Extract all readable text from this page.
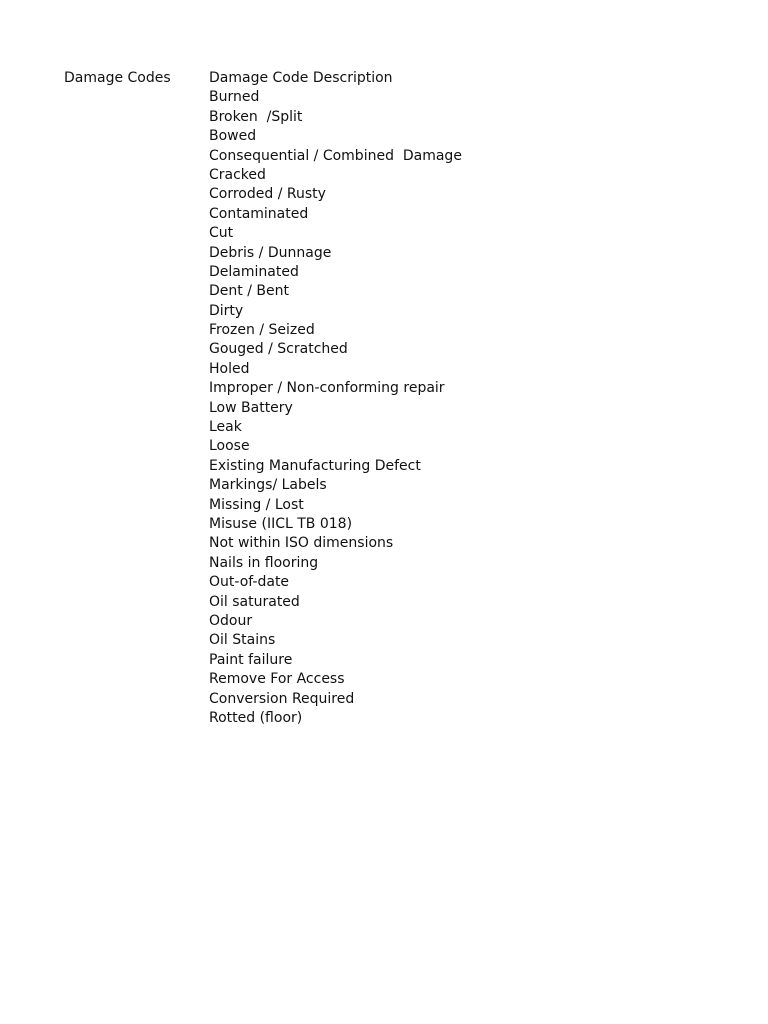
Damage Codes	Damage Code Description
Burned
Broken  /Split
Bowed
Consequential / Combined  Damage
Cracked
Corroded / Rusty
Contaminated
Cut
Debris / Dunnage
Delaminated
Dent / Bent
Dirty
Frozen / Seized
Gouged / Scratched
Holed
Improper / Non-conforming repair
Low Battery
Leak
Loose
Existing Manufacturing Defect
Markings/ Labels
Missing / Lost
Misuse (IICL TB 018)
Not within ISO dimensions
Nails in flooring
Out-of-date
Oil saturated
Odour
Oil Stains
Paint failure
Remove For Access
Conversion Required
Rotted (floor)
